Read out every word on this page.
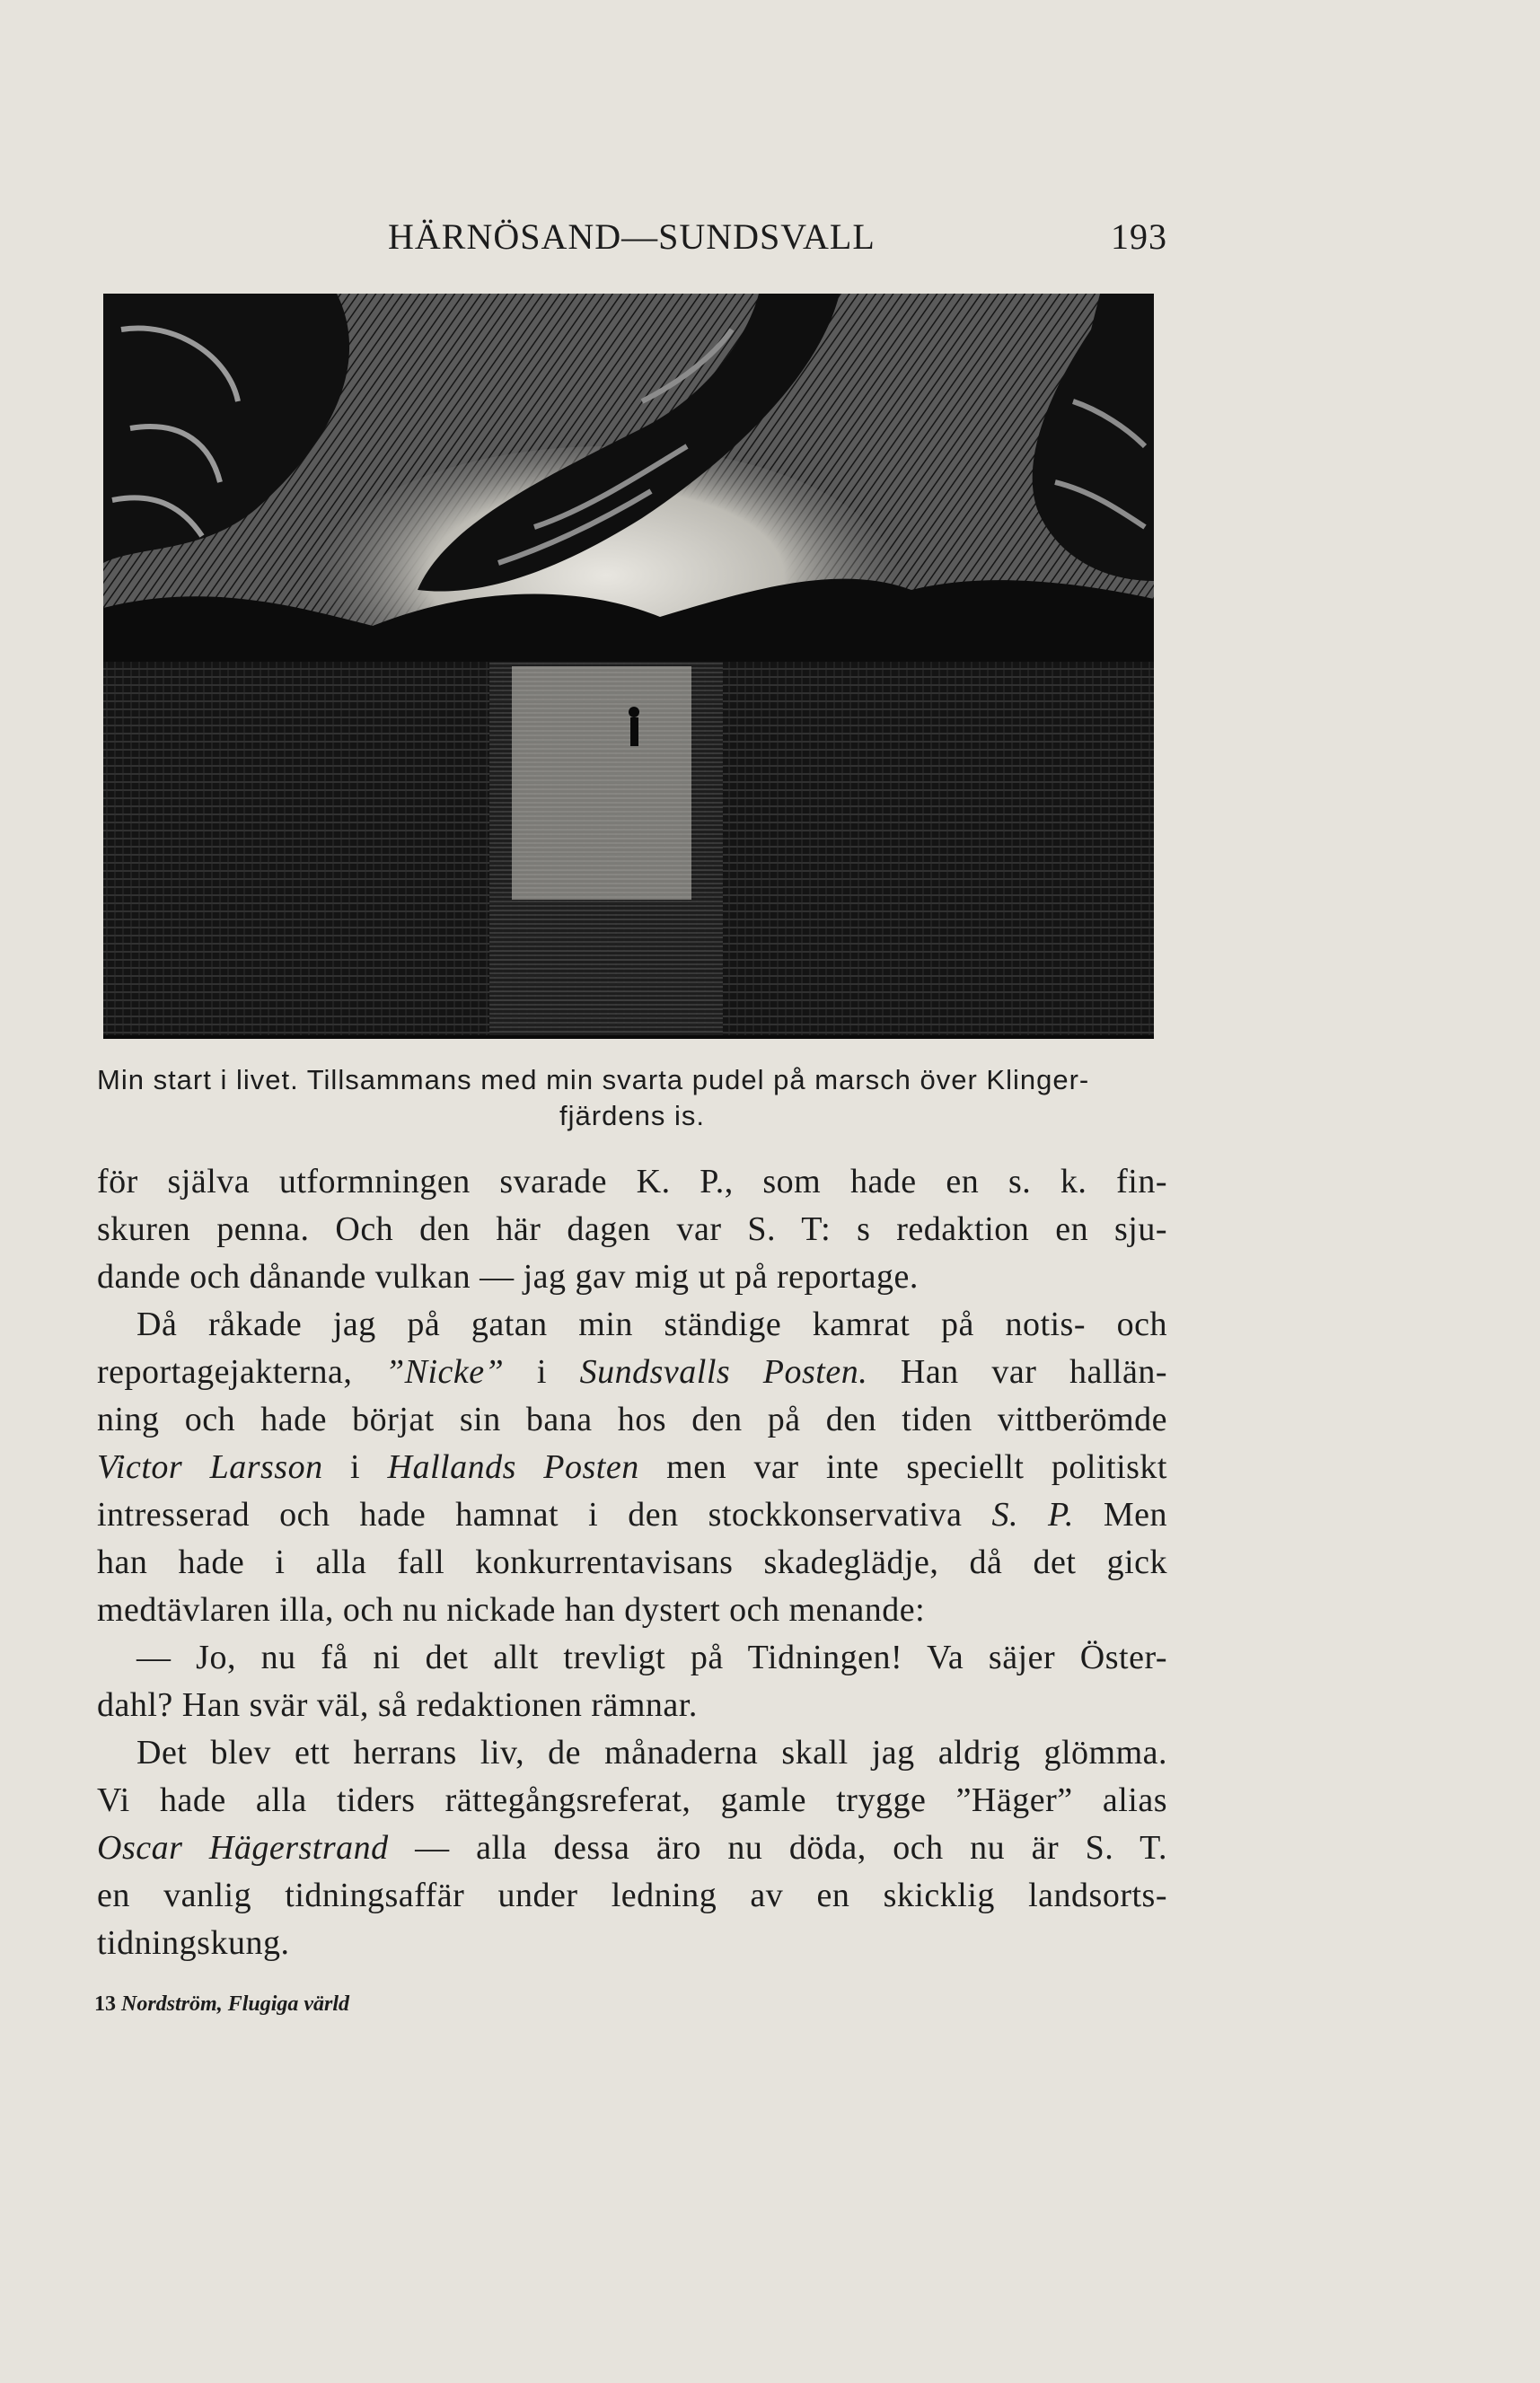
HÄRNÖSAND—SUNDSVALL	193
Min start i livet. Tillsammans med min svarta pudel på marsch över Klinger-
fjärdens is.
för själva utformningen svarade K. P., som hade en s. k. fin-
skuren penna. Och den här dagen var S. T: s redaktion en sju-
dande och dånande vulkan — jag gav mig ut på reportage.
Då råkade jag på gatan min ständige kamrat på notis- och
reportagejakterna, ”Nicke” i Sundsvalls Posten. Han var hallän-
ning och hade börjat sin bana hos den på den tiden vittberömde
Victor Larsson i Hallands Posten men var inte speciellt politiskt
intresserad och hade hamnat i den stockkonservativa S. P. Men
han hade i alla fall konkurrentavisans skadeglädje, då det gick
medtävlaren illa, och nu nickade han dystert och menande:
— Jo, nu få ni det allt trevligt på Tidningen! Va säjer Öster-
dahl? Han svär väl, så redaktionen rämnar.
Det blev ett herrans liv, de månaderna skall jag aldrig glömma.
Vi hade alla tiders rättegångsreferat, gamle trygge ”Häger” alias
Oscar Hägerstrand — alla dessa äro nu döda, och nu är S. T.
en vanlig tidningsaffär under ledning av en skicklig landsorts-
tidningskung.
13 Nordström, Flugiga värld
